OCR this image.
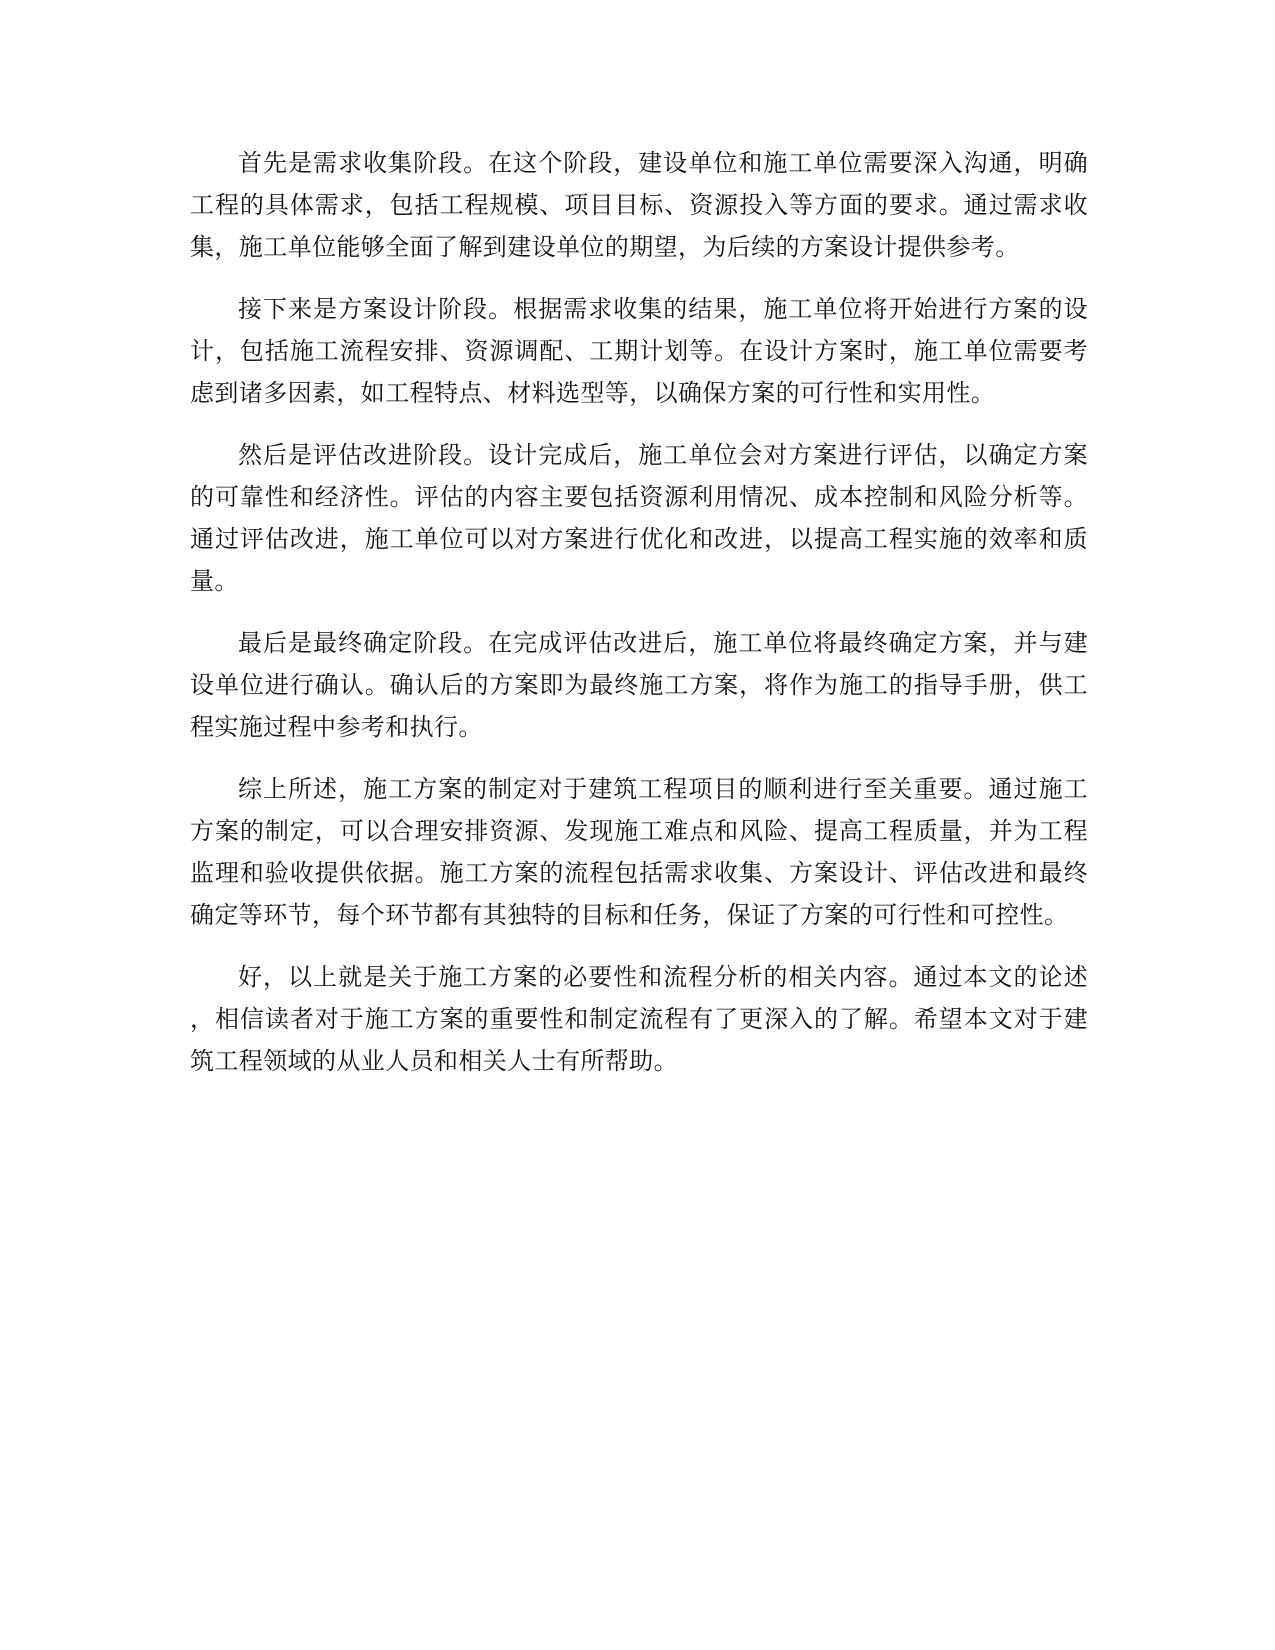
首先是需求收集阶段。在这个阶段，建设单位和施工单位需要深入沟通，明确工程的具体需求，包括工程规模、项目目标、资源投入等方面的要求。通过需求收集，施工单位能够全面了解到建设单位的期望，为后续的方案设计提供参考。

接下来是方案设计阶段。根据需求收集的结果，施工单位将开始进行方案的设计，包括施工流程安排、资源调配、工期计划等。在设计方案时，施工单位需要考虑到诸多因素，如工程特点、材料选型等，以确保方案的可行性和实用性。

然后是评估改进阶段。设计完成后，施工单位会对方案进行评估，以确定方案的可靠性和经济性。评估的内容主要包括资源利用情况、成本控制和风险分析等。通过评估改进，施工单位可以对方案进行优化和改进，以提高工程实施的效率和质量。

最后是最终确定阶段。在完成评估改进后，施工单位将最终确定方案，并与建设单位进行确认。确认后的方案即为最终施工方案，将作为施工的指导手册，供工程实施过程中参考和执行。

综上所述，施工方案的制定对于建筑工程项目的顺利进行至关重要。通过施工方案的制定，可以合理安排资源、发现施工难点和风险、提高工程质量，并为工程监理和验收提供依据。施工方案的流程包括需求收集、方案设计、评估改进和最终确定等环节，每个环节都有其独特的目标和任务，保证了方案的可行性和可控性。

好，以上就是关于施工方案的必要性和流程分析的相关内容。通过本文的论述，相信读者对于施工方案的重要性和制定流程有了更深入的了解。希望本文对于建筑工程领域的从业人员和相关人士有所帮助。
